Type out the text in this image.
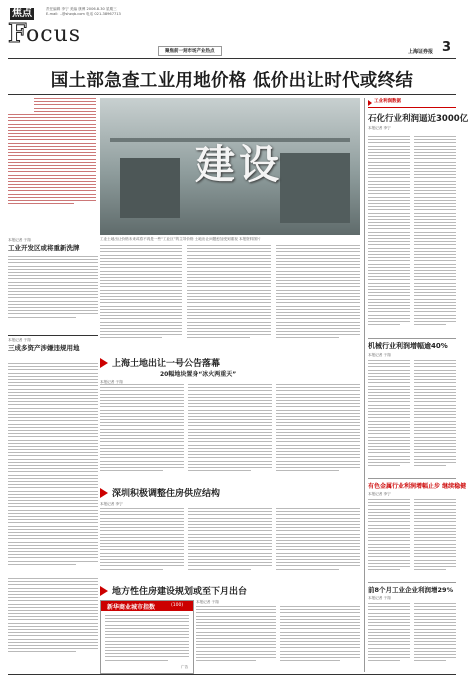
焦点
F ocus
责任编辑 李宁 美编 康博 2006.8.30 星期三
E-mail: ..@shzqb.com 电话 021-38967713
聚焦前一刻市场产业热点	上海证券报 3
国土部急查工业用地价格 低价出让时代或终结
建设
工业土地出让价格未来或将不再是一些“工业区”的主导价格 土地出让问题愈加受到重视 本报资料图片
本报记者 于翔
工业开发区或将重新洗牌
本报记者 于翔
三成多资产涉嫌违规用地
上海土地出让一号公告落幕
20幅地块置身“冰火两重天”
本报记者 于翔
深圳积极调整住房供应结构
本报记者 李宁
地方性住房建设规划或至下月出台
本报记者 于翔
新华商业城市指数	(100)
广告
工业利润数据
石化行业利润逼近3000亿
本报记者 李宁
机械行业利润增幅逾40%
本报记者 于翔
有色金属行业利润增幅止步 继续稳健
本报记者 李宁
前8个月工业企业利润增29%
本报记者 于翔
